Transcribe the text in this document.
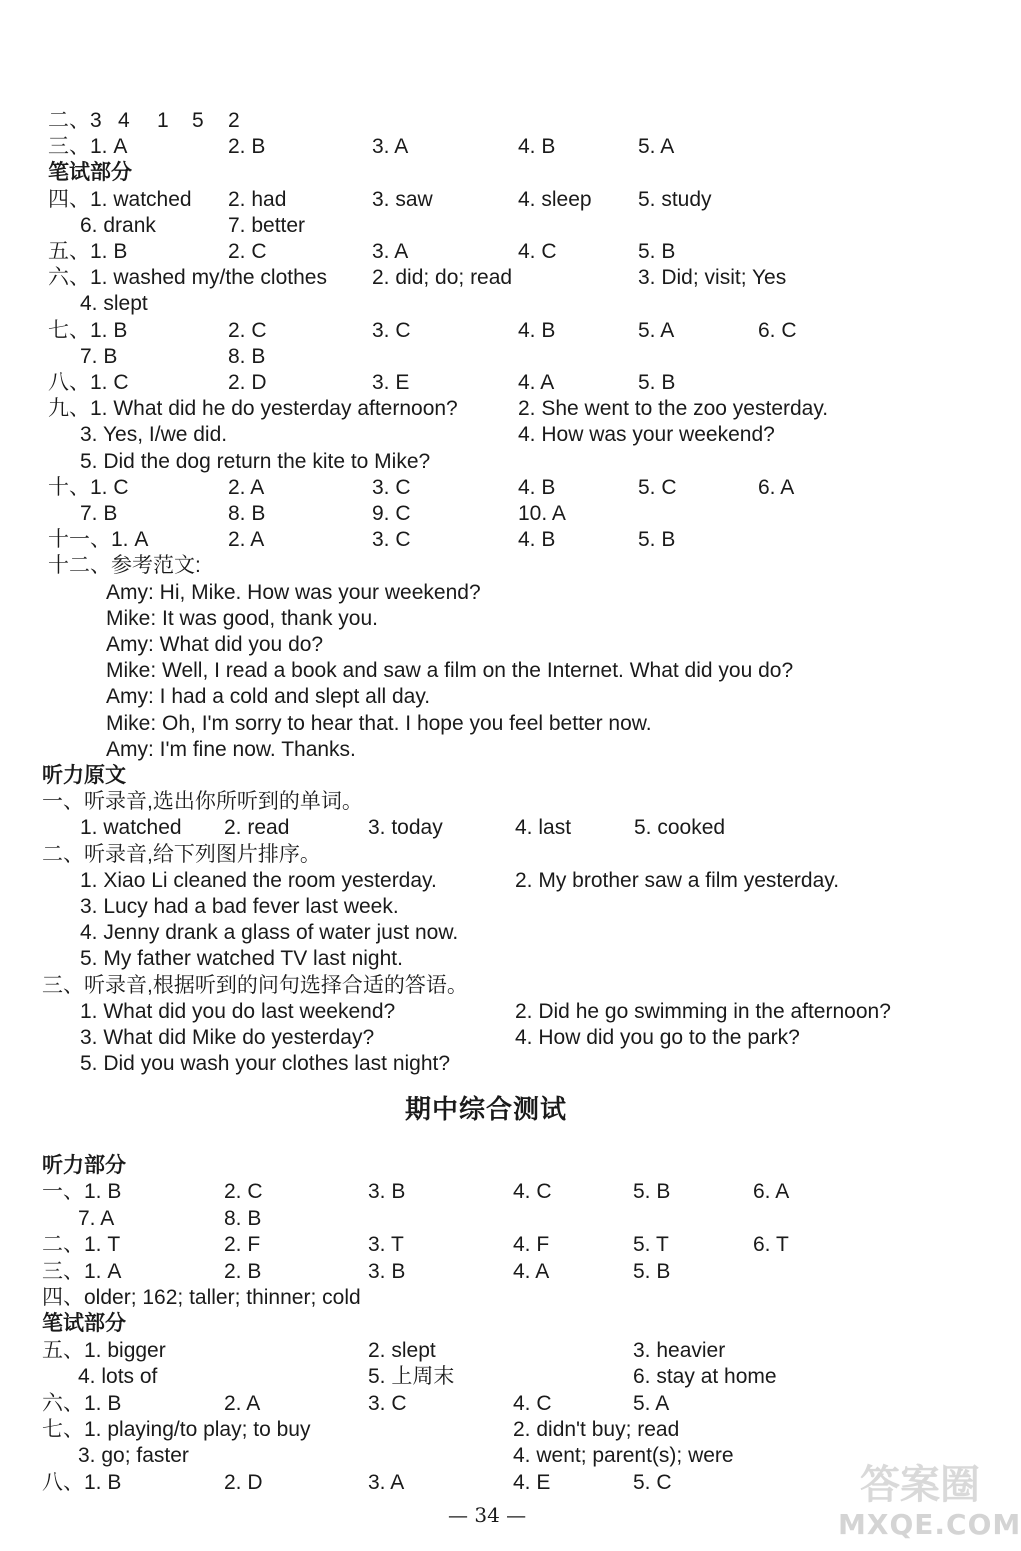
二、3 4 1 5 2
三、1. A	2. B	3. A	4. B	5. A
笔试部分
四、1. watched 2. had	3. saw	4. sleep 5. study
6. drank	7. better
五、1. B	2. C	3. A	4. C	5. B
六、1. washed my/the clothes 2. did; do; read	3. Did; visit; Yes
4. slept
七、1. B	2. C	3. C	4. B	5. A	6. C
7. B	8. B
八、1. C	2. D	3. E	4. A	5. B
九、1. What did he do yesterday afternoon?	2. She went to the zoo yesterday.
3. Yes, I/we did.	4. How was your weekend?
5. Did the dog return the kite to Mike?
十、1. C	2. A	3. C	4. B	5. C	6. A
7. B	8. B	9. C	10. A
十一、1. A	2. A	3. C	4. B	5. B
十二、参考范文:
Amy: Hi, Mike. How was your weekend?
Mike: It was good, thank you.
Amy: What did you do?
Mike: Well, I read a book and saw a film on the Internet. What did you do?
Amy: I had a cold and slept all day.
Mike: Oh, I'm sorry to hear that. I hope you feel better now.
Amy: I'm fine now. Thanks.
听力原文
一、听录音,选出你所听到的单词。
1. watched 2. read	3. today	4. last	5. cooked
二、听录音,给下列图片排序。
1. Xiao Li cleaned the room yesterday.	2. My brother saw a film yesterday.
3. Lucy had a bad fever last week.
4. Jenny drank a glass of water just now.
5. My father watched TV last night.
三、听录音,根据听到的问句选择合适的答语。
1. What did you do last weekend?	2. Did he go swimming in the afternoon?
3. What did Mike do yesterday?	4. How did you go to the park?
5. Did you wash your clothes last night?
期中综合测试
听力部分
一、1. B	2. C	3. B	4. C	5. B	6. A
7. A	8. B
二、1. T	2. F	3. T	4. F	5. T	6. T
三、1. A	2. B	3. B	4. A	5. B
四、older; 162; taller; thinner; cold
笔试部分
五、1. bigger	2. slept	3. heavier
4. lots of	5. 上周末	6. stay at home
六、1. B	2. A	3. C	4. C	5. A
七、1. playing/to play; to buy	2. didn't buy; read
3. go; faster	4. went; parent(s); were
八、1. B	2. D	3. A	4. E	5. C
— 34 —
答案圈
MXQE.COM
